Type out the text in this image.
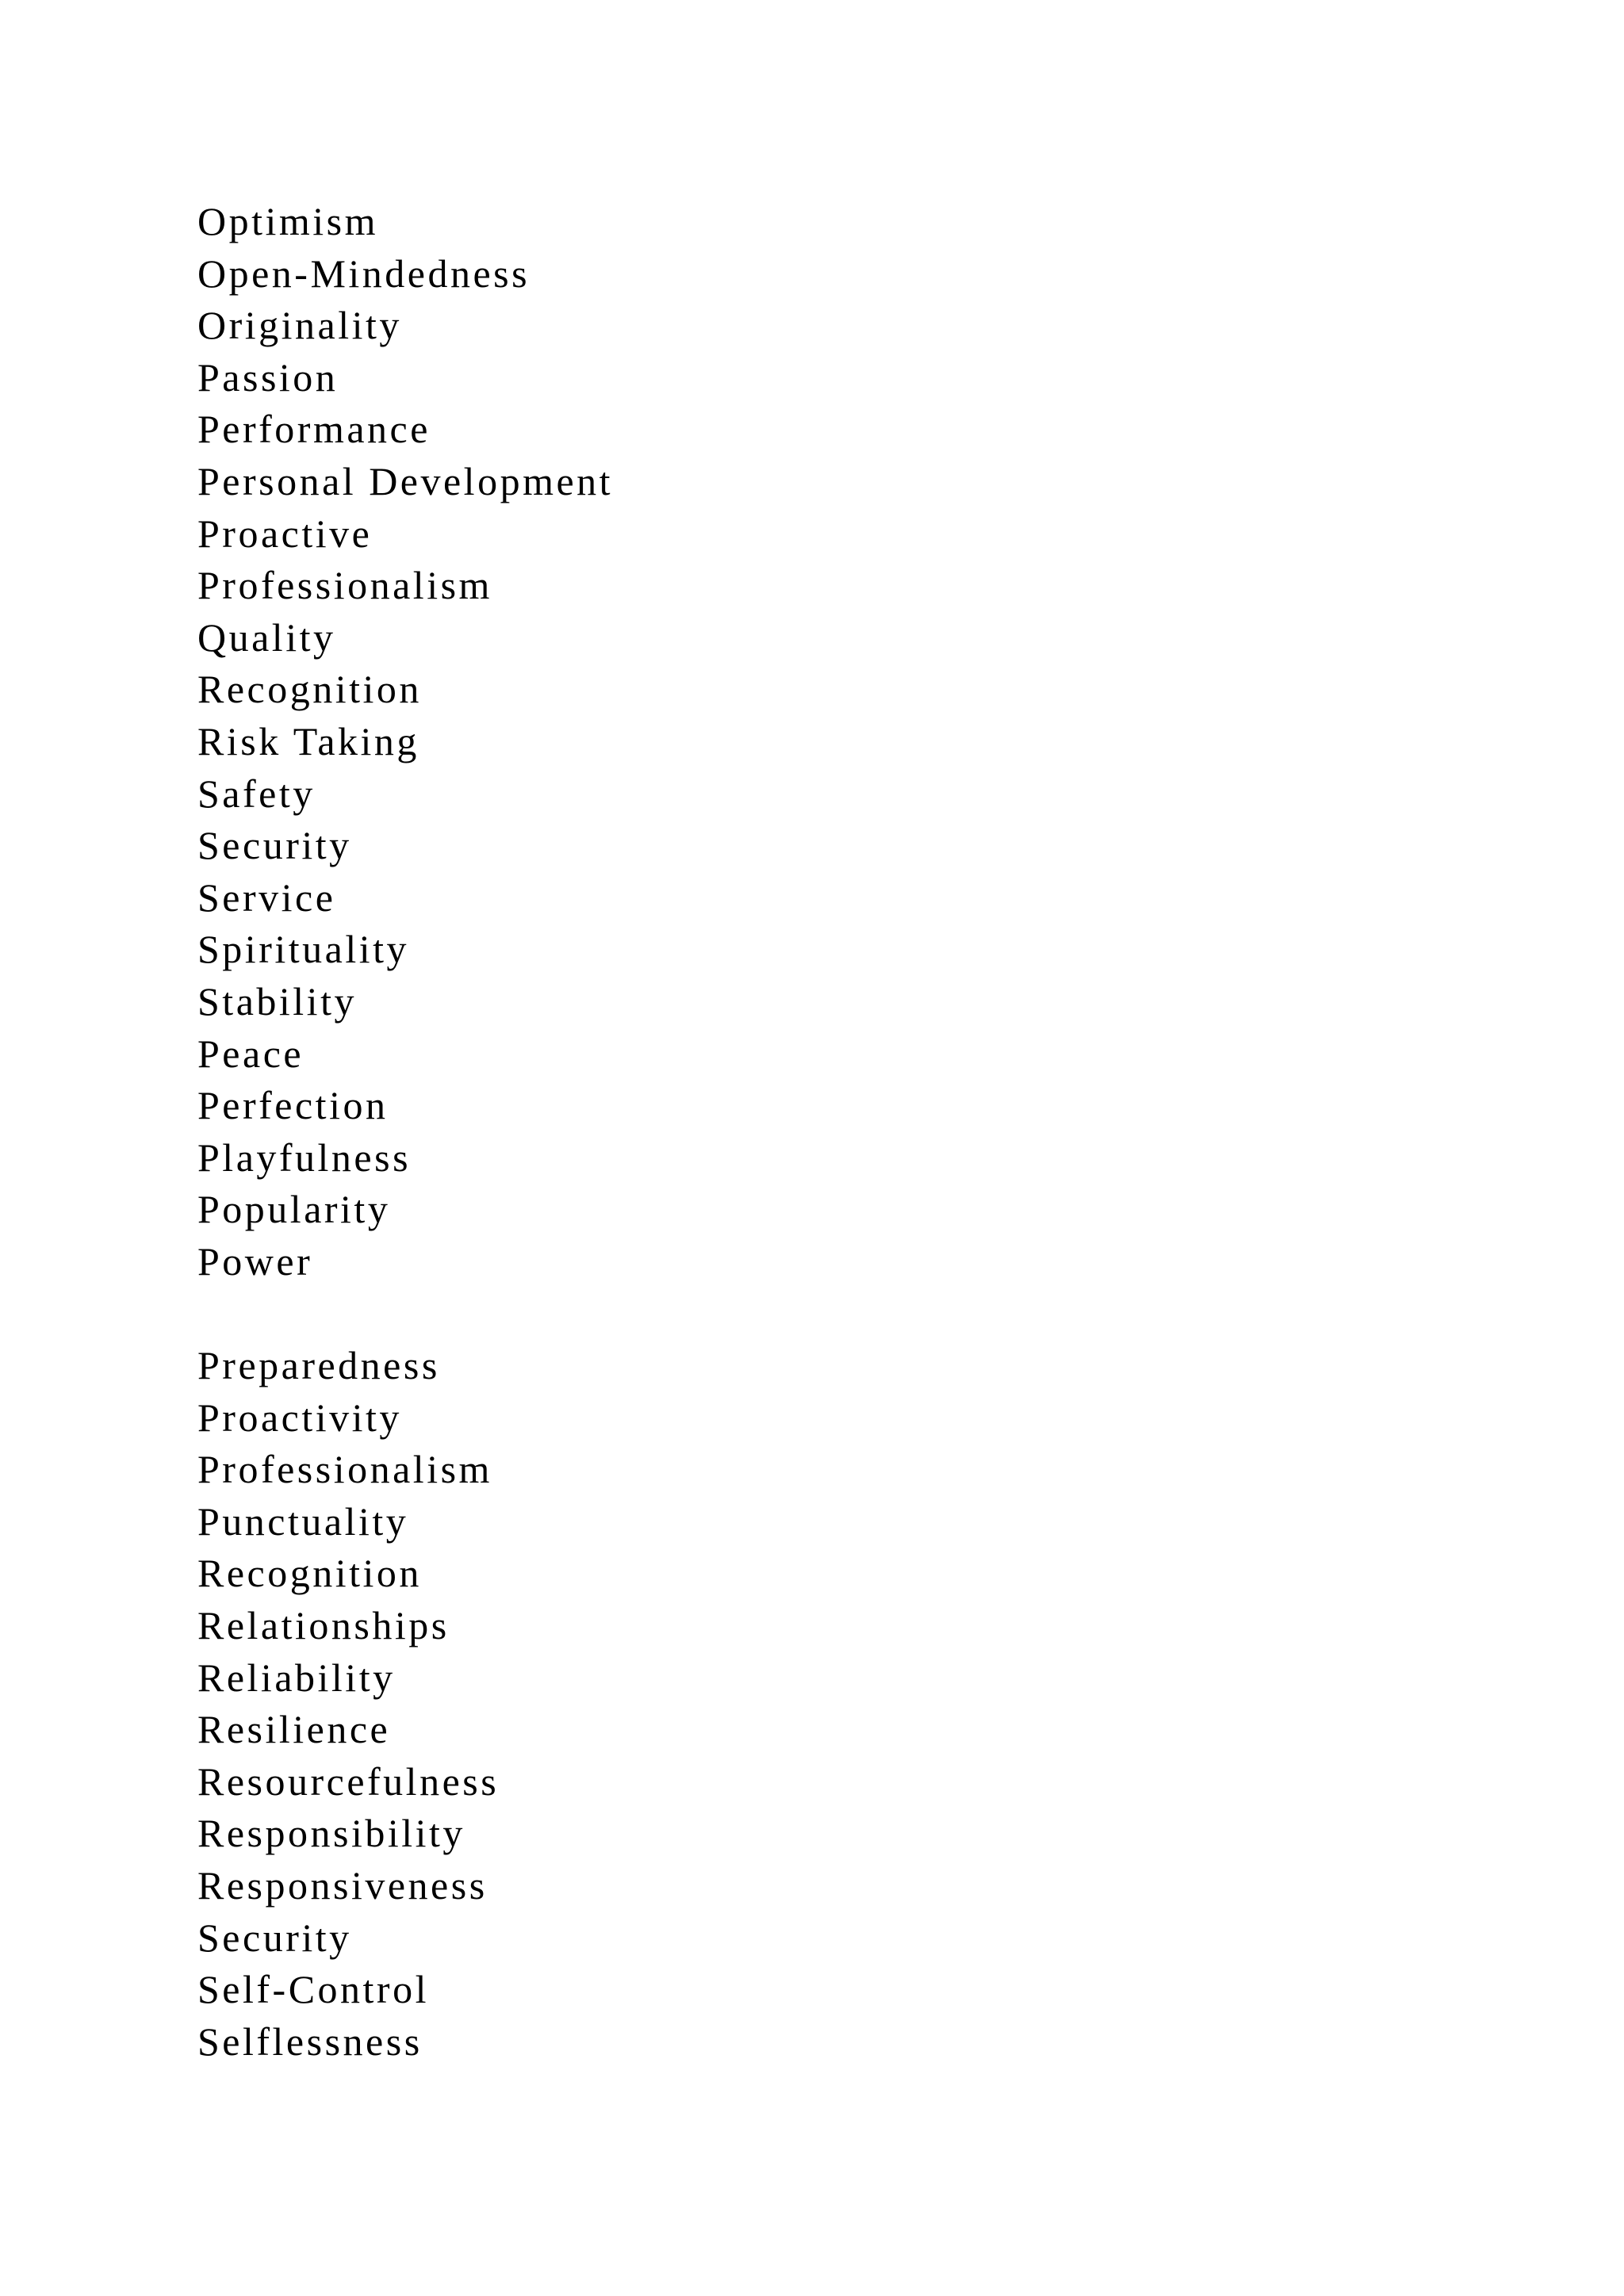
Optimism
Open-Mindedness
Originality
Passion
Performance
Personal Development
Proactive
Professionalism
Quality
Recognition
Risk Taking
Safety
Security
Service
Spirituality
Stability
Peace
Perfection
Playfulness
Popularity
Power
Preparedness
Proactivity
Professionalism
Punctuality
Recognition
Relationships
Reliability
Resilience
Resourcefulness
Responsibility
Responsiveness
Security
Self-Control
Selflessness
